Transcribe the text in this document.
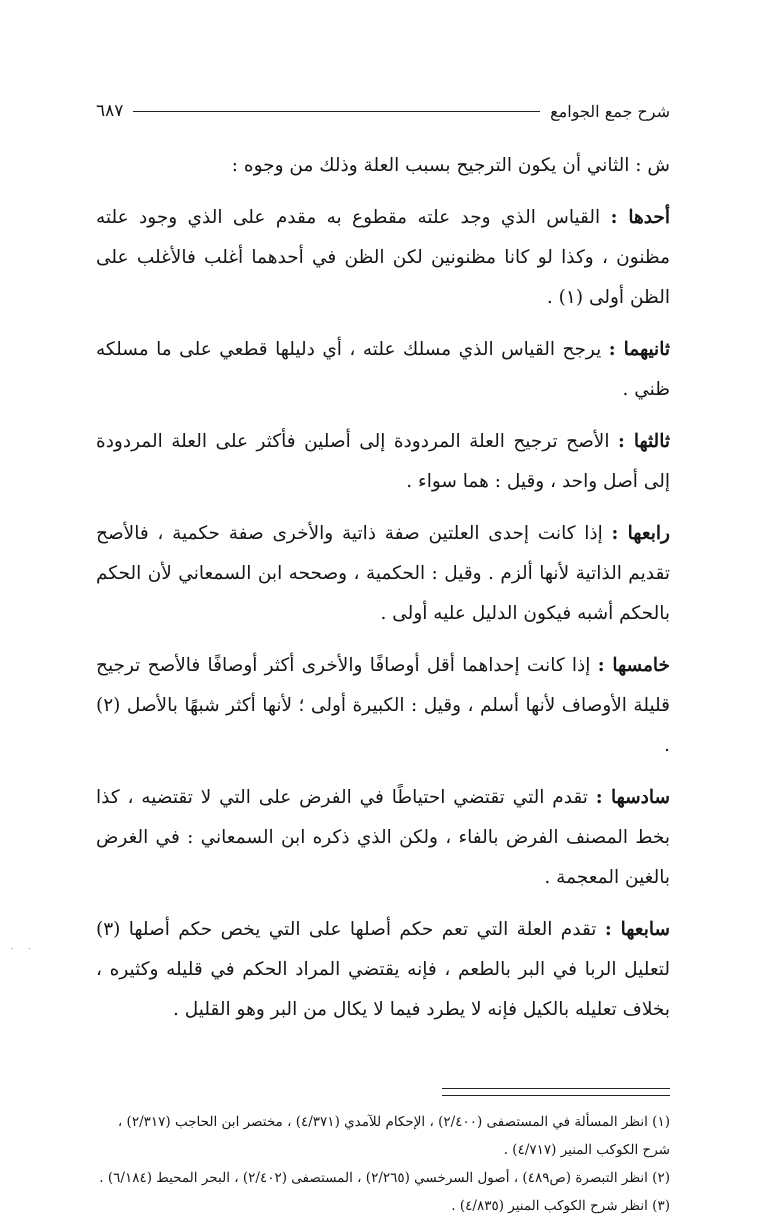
شرح جمع الجوامع
٦٨٧

ش : الثاني أن يكون الترجيح بسبب العلة وذلك من وجوه :

أحدها : القياس الذي وجد علته مقطوع به مقدم على الذي وجود علته مظنون ، وكذا لو كانا مظنونين لكن الظن في أحدهما أغلب فالأغلب على الظن أولى (١) .

ثانيهما : يرجح القياس الذي مسلك علته ، أي دليلها قطعي على ما مسلكه ظني .

ثالثها : الأصح ترجيح العلة المردودة إلى أصلين فأكثر على العلة المردودة إلى أصل واحد ، وقيل : هما سواء .

رابعها : إذا كانت إحدى العلتين صفة ذاتية والأخرى صفة حكمية ، فالأصح تقديم الذاتية لأنها ألزم . وقيل : الحكمية ، وصححه ابن السمعاني لأن الحكم بالحكم أشبه فيكون الدليل عليه أولى .

خامسها : إذا كانت إحداهما أقل أوصافًا والأخرى أكثر أوصافًا فالأصح ترجيح قليلة الأوصاف لأنها أسلم ، وقيل : الكبيرة أولى ؛ لأنها أكثر شبهًا بالأصل (٢) .

سادسها : تقدم التي تقتضي احتياطًا في الفرض على التي لا تقتضيه ، كذا بخط المصنف الفرض بالفاء ، ولكن الذي ذكره ابن السمعاني : في الغرض بالغين المعجمة .

سابعها : تقدم العلة التي تعم حكم أصلها على التي يخص حكم أصلها (٣) لتعليل الربا في البر بالطعم ، فإنه يقتضي المراد الحكم في قليله وكثيره ، بخلاف تعليله بالكيل فإنه لا يطرد فيما لا يكال من البر وهو القليل .

(١) انظر المسألة في المستصفى (٢/٤٠٠) ، الإحكام للآمدي (٤/٣٧١) ، مختصر ابن الحاجب (٢/٣١٧) ، شرح الكوكب المنير (٤/٧١٧) .

(٢) انظر التبصرة (ص٤٨٩) ، أصول السرخسي (٢/٢٦٥) ، المستصفى (٢/٤٠٢) ، البحر المحيط (٦/١٨٤) .

(٣) انظر شرح الكوكب المنير (٤/٨٣٥) .

· ·
